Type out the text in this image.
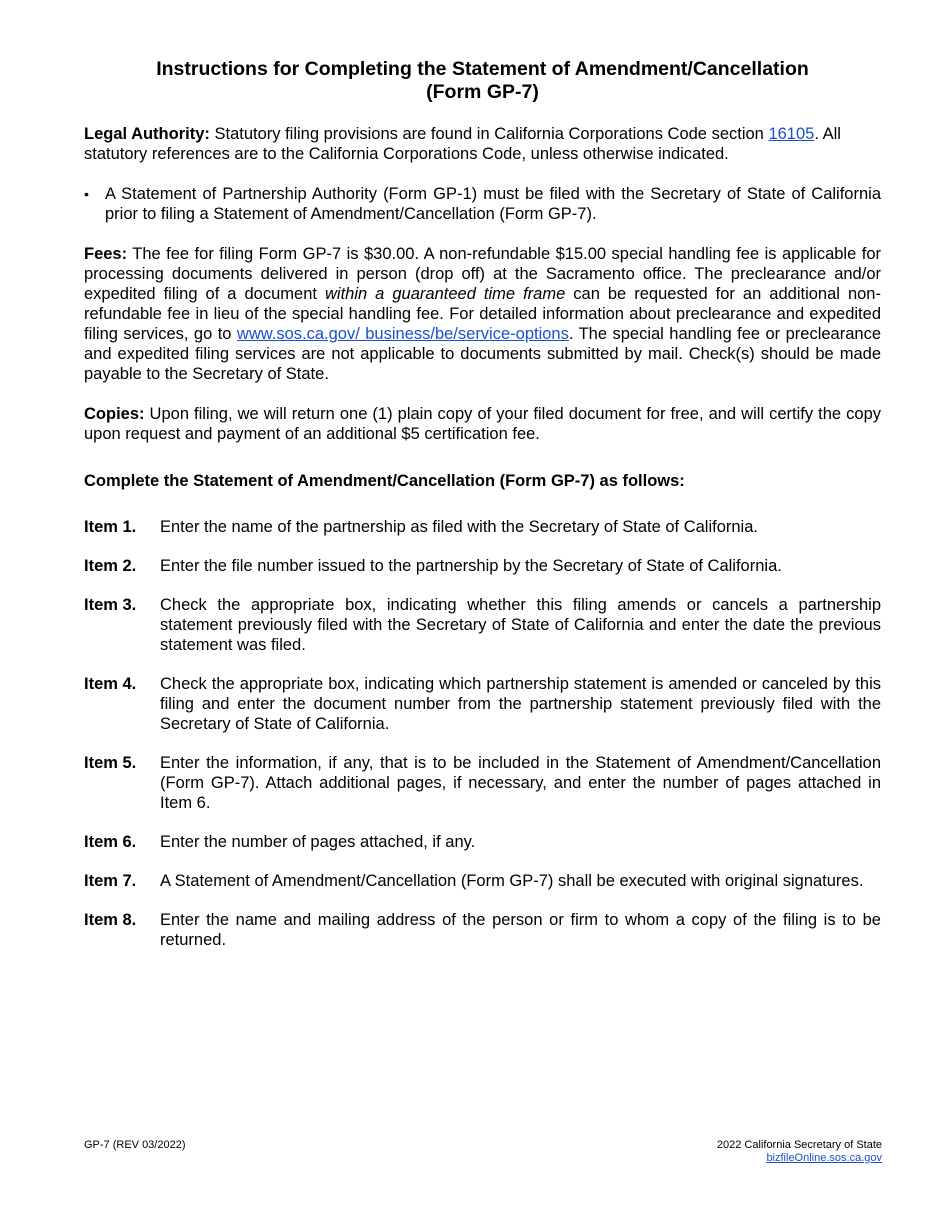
Instructions for Completing the Statement of Amendment/Cancellation
(Form GP-7)

Legal Authority: Statutory filing provisions are found in California Corporations Code section 16105. All statutory references are to the California Corporations Code, unless otherwise indicated.

• A Statement of Partnership Authority (Form GP-1) must be filed with the Secretary of State of California prior to filing a Statement of Amendment/Cancellation (Form GP-7).

Fees: The fee for filing Form GP-7 is $30.00. A non-refundable $15.00 special handling fee is applicable for processing documents delivered in person (drop off) at the Sacramento office. The preclearance and/or expedited filing of a document within a guaranteed time frame can be requested for an additional non-refundable fee in lieu of the special handling fee. For detailed information about preclearance and expedited filing services, go to www.sos.ca.gov/ business/be/service-options. The special handling fee or preclearance and expedited filing services are not applicable to documents submitted by mail. Check(s) should be made payable to the Secretary of State.

Copies: Upon filing, we will return one (1) plain copy of your filed document for free, and will certify the copy upon request and payment of an additional $5 certification fee.

Complete the Statement of Amendment/Cancellation (Form GP-7) as follows:
Item 1.	Enter the name of the partnership as filed with the Secretary of State of California.
Item 2.	Enter the file number issued to the partnership by the Secretary of State of California.
Item 3.	Check the appropriate box, indicating whether this filing amends or cancels a partnership statement previously filed with the Secretary of State of California and enter the date the previous statement was filed.
Item 4.	Check the appropriate box, indicating which partnership statement is amended or canceled by this filing and enter the document number from the partnership statement previously filed with the Secretary of State of California.
Item 5.	Enter the information, if any, that is to be included in the Statement of Amendment/Cancellation (Form GP-7). Attach additional pages, if necessary, and enter the number of pages attached in Item 6.
Item 6.	Enter the number of pages attached, if any.
Item 7.	A Statement of Amendment/Cancellation (Form GP-7) shall be executed with original signatures.
Item 8.	Enter the name and mailing address of the person or firm to whom a copy of the filing is to be returned.
GP-7 (REV 03/2022)	2022 California Secretary of State
bizfileOnline.sos.ca.gov
